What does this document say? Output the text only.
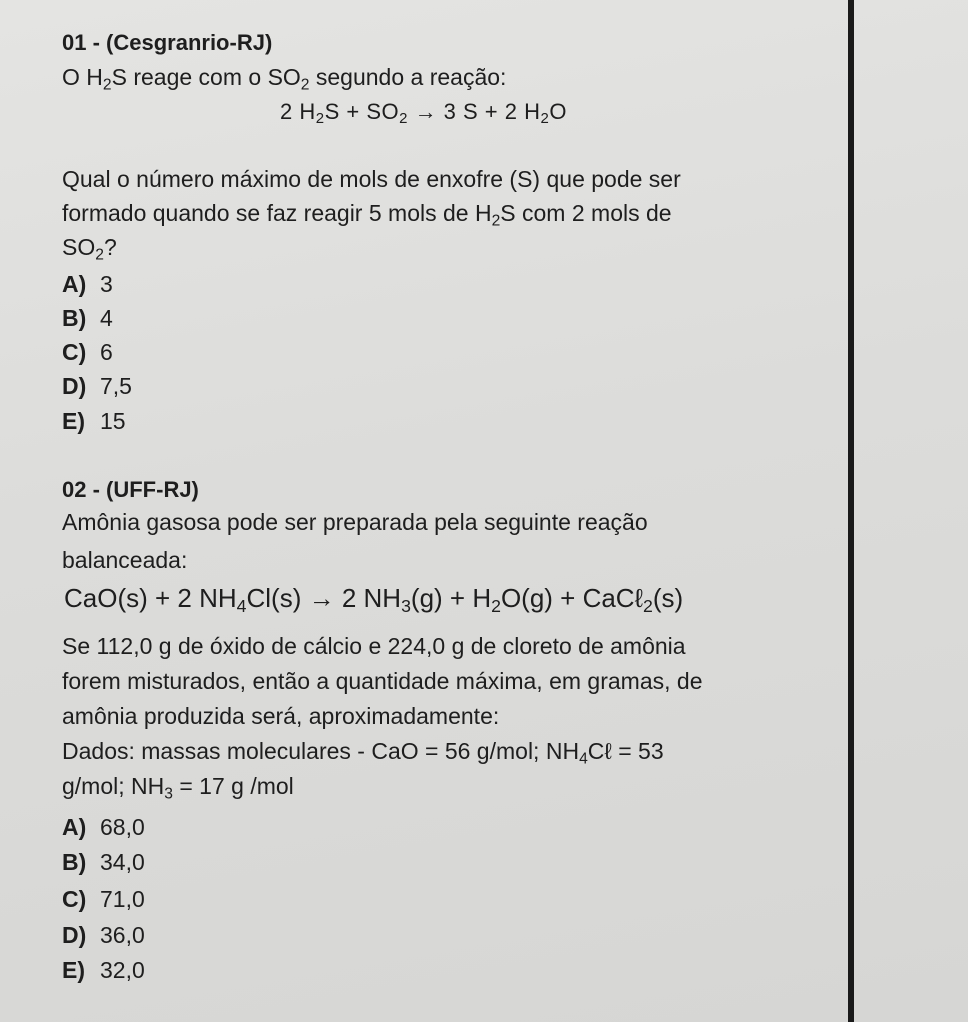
01 - (Cesgranrio-RJ)
O $H_2S$ reage com o $SO_2$ segundo a reação:
2 $H_2S + SO_2 \to 3$ S + 2 $H_2O$
Qual o número máximo de mols de enxofre (S) que pode ser
formado quando se faz reagir 5 mols de $H_2S$ com 2 mols de
$SO_2$?
A) 3
B) 4
C) 6
D) 7,5
E) 15
02 - (UFF-RJ)
Amônia gasosa pode ser preparada pela seguinte reação
balanceada:
CaO(s) + 2 $NH_4Cl(s) \to 2$ $NH_3(g) + H_2O(g)$ + CaCℓ$_2$(s)
Se 112,0 g de óxido de cálcio e 224,0 g de cloreto de amônia
forem misturados, então a quantidade máxima, em gramas, de
amônia produzida será, aproximadamente:
Dados: massas moleculares - CaO = 56 g/mol; $NH_4C\ell = 53$
g/mol; $NH_3 = 17$ g /mol
A) 68,0
B) 34,0
C) 71,0
D) 36,0
E) 32,0
